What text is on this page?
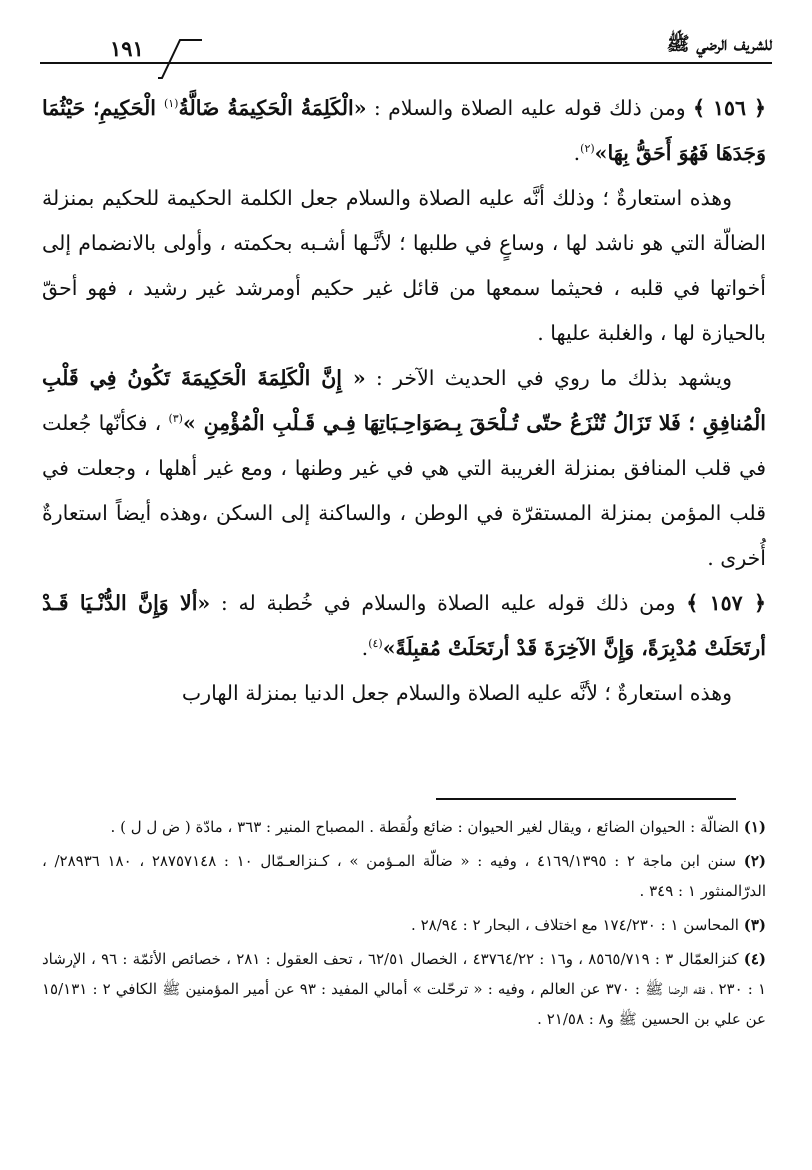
للشريف الرضي ﷺ
١٩١

﴿ ١٥٦ ﴾ ومن ذلك قوله عليه الصلاة والسلام : «الْكَلِمَةُ الْحَكِيمَةُ ضَالَّةُ$^{(١)}$ الْحَكِيمِ؛ حَيْثُمَا وَجَدَهَا فَهُوَ أَحَقُّ بِهَا»$^{(٢)}$.

وهذه استعارةٌ ؛ وذلك أنَّه عليه الصلاة والسلام جعل الكلمة الحكيمة للحكيم بمنزلة الضالّة التي هو ناشد لها ، وساعٍ في طلبها ؛ لأنَّـها أشـبه بحكمته ، وأولى بالانضمام إلى أخواتها في قلبه ، فحيثما سمعها من قائل غير حكيم أومرشد غير رشيد ، فهو أحقّ بالحيازة لها ، والغلبة عليها .

ويشهد بذلك ما روي في الحديث الآخر : « إِنَّ الْكَلِمَةَ الْحَكِيمَةَ تَكُونُ فِي قَلْبِ الْمُنافِقِ ؛ فَلا تَزَالُ تُنْزَعُ حتّى تُـلْحَقَ بِـصَوَاحِـبَاتِهَا فِـي قَـلْبِ الْمُؤْمِنِ »$^{(٣)}$ ، فكأنّها جُعلت في قلب المنافق بمنزلة الغريبة التي هي في غير وطنها ، ومع غير أهلها ، وجعلت في قلب المؤمن بمنزلة المستقرّة في الوطن ، والساكنة إلى السكن ،وهذه أيضاً استعارةٌ أُخرى .

﴿ ١٥٧ ﴾ ومن ذلك قوله عليه الصلاة والسلام في خُطبة له : «ألا وَإِنَّ الدُّنْـيَا قَـدْ أرتَحَلَتْ مُدْبِرَةً، وَإِنَّ الآخِرَةَ قَدْ أرتَحَلَتْ مُقبِلَةً»$^{(٤)}$.

وهذه استعارةٌ ؛ لأنَّه عليه الصلاة والسلام جعل الدنيا بمنزلة الهارب

(١) الضالّة : الحيوان الضائع ، ويقال لغير الحيوان : ضائع ولُقطة . المصباح المنير : ٣٦٣ ، مادّة ( ض ل ل ) .

(٢) سنن ابن ماجة ٢ : ٤١٦٩/١٣٩٥ ، وفيه : « ضالّة المـؤمن » ، كـنزالعـمّال ١٠ : ٢٨٧٥٧١٤٨ ، ١٨٠ ٢٨٩٣٦/ ، الدرّالمنثور ١ : ٣٤٩ .

(٣) المحاسن ١ : ١٧٤/٢٣٠ مع اختلاف ، البحار ٢ : ٢٨/٩٤ .

(٤) كنزالعمّال ٣ : ٨٥٦٥/٧١٩ ، و١٦ : ٤٣٧٦٤/٢٢ ، الخصال ٦٢/٥١ ، تحف العقول : ٢٨١ ، خصائص الأئمّة : ٩٦ ، الإرشاد ١ : ٢٣٠ ، فقه الرضا ﷺ : ٣٧٠ عن العالم ، وفيه : « ترحّلت » أمالي المفيد : ٩٣ عن أمير المؤمنين ﷺ الكافي ٢ : ١٥/١٣١ عن علي بن الحسين ﷺ و٨ : ٢١/٥٨ .
